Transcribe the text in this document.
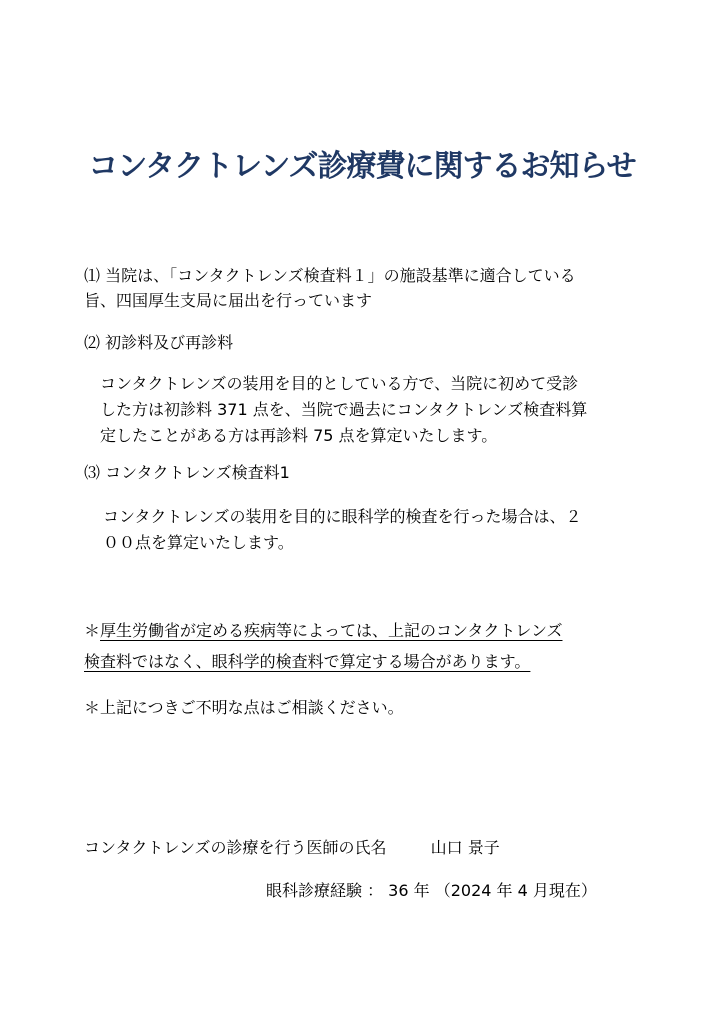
コンタクトレンズ診療費に関するお知らせ
⑴ 当院は、「コンタクトレンズ検査料１」の施設基準に適合している
旨、四国厚生支局に届出を行っています
⑵ 初診料及び再診料
コンタクトレンズの装用を目的としている方で、当院に初めて受診
した方は初診料 371 点を、当院で過去にコンタクトレンズ検査料算
定したことがある方は再診料 75 点を算定いたします。
⑶ コンタクトレンズ検査料1
コンタクトレンズの装用を目的に眼科学的検査を行った場合は、２
００点を算定いたします。
＊厚生労働省が定める疾病等によっては、上記のコンタクトレンズ
検査料ではなく、眼科学的検査料で算定する場合があります。
＊上記につきご不明な点はご相談ください。
コンタクトレンズの診療を行う医師の氏名	山口 景子
眼科診療経験 ： 36 年 （2024 年 4 月現在）
